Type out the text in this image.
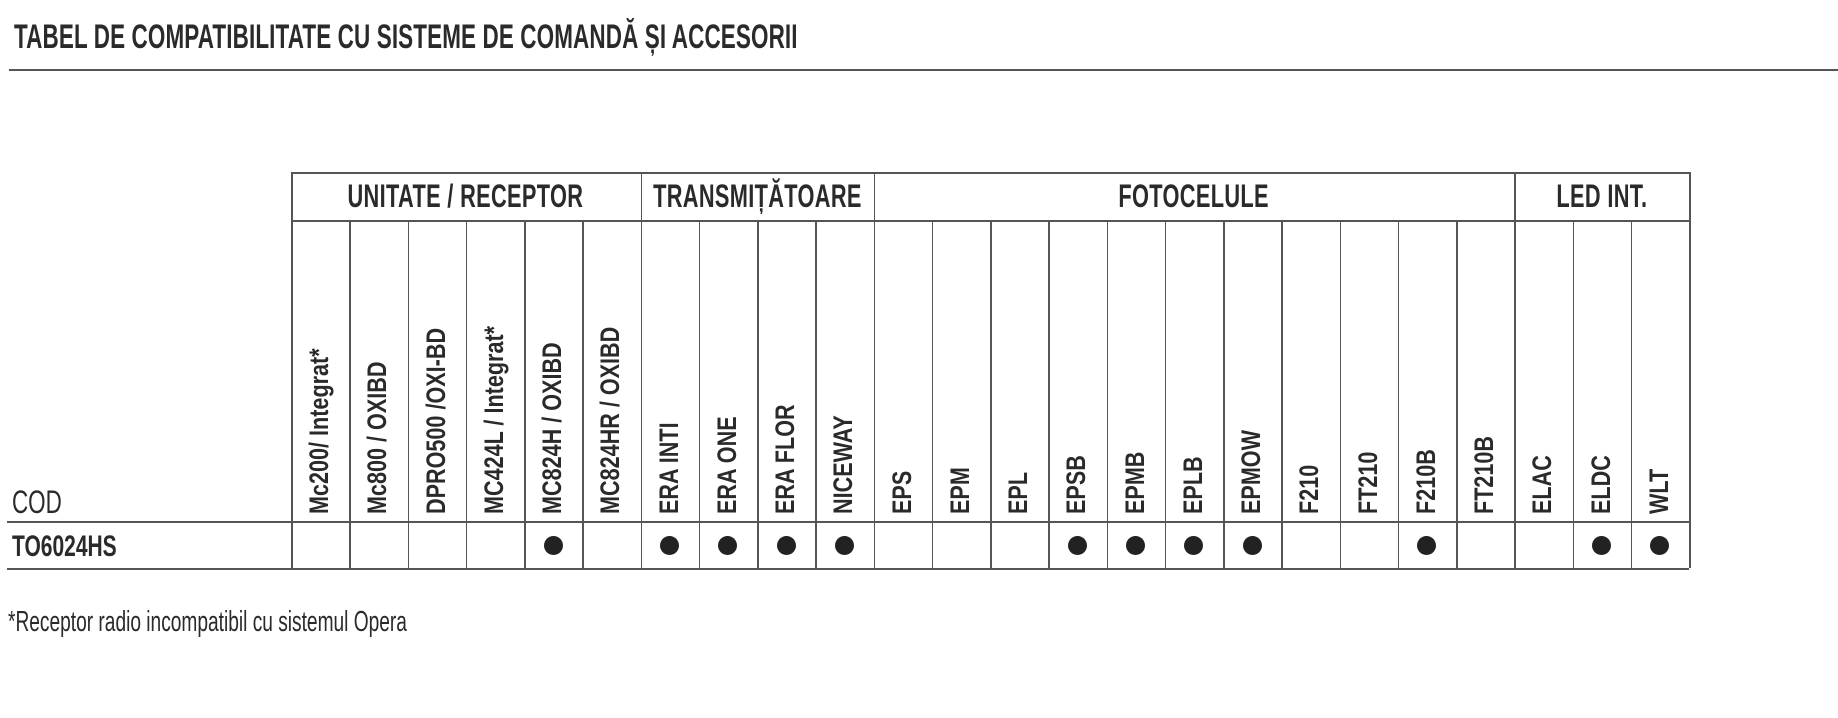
TABEL DE COMPATIBILITATE CU SISTEME DE COMANDĂ ȘI ACCESORII
COD
UNITATE / RECEPTOR TRANSMIȚĂTOARE	FOTOCELULE	LED INT.
Mc200/ Integrat* Mc800 / OXIBD DPRO500 /OXI-BD MC424L / Integrat* MC824H / OXIBD MC824HR / OXIBD ERA INTI ERA ONE ERA FLOR NICEWAY EPS EPM EPL EPSB EPMB EPLB EPMOW F210 FT210 F210B FT210B ELAC ELDC WLT
TO6024HS
*Receptor radio incompatibil cu sistemul Opera
